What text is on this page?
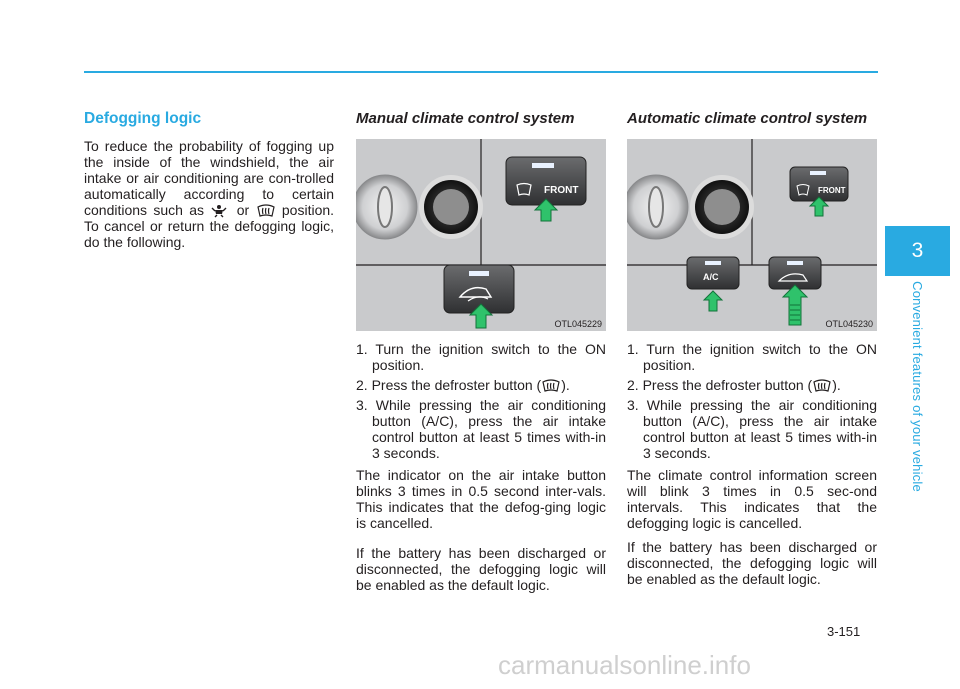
3
Convenient features of your vehicle
Defogging logic

To reduce the probability of fogging up the inside of the windshield, the air intake or air conditioning are con-trolled automatically according to certain conditions such as or position. To cancel or return the defogging logic, do the following.

Manual climate control system
FRONT
OTL045229
1. Turn the ignition switch to the ON position.
2. Press the defroster button ( ).
3. While pressing the air conditioning button (A/C), press the air intake control button at least 5 times with-in 3 seconds.

The indicator on the air intake button blinks 3 times in 0.5 second inter-vals. This indicates that the defog-ging logic is cancelled.

If the battery has been discharged or disconnected, the defogging logic will be enabled as the default logic.

Automatic climate control system
FRONT
A/C
OTL045230
1. Turn the ignition switch to the ON position.
2. Press the defroster button ( ).
3. While pressing the air conditioning button (A/C), press the air intake control button at least 5 times with-in 3 seconds.

The climate control information screen will blink 3 times in 0.5 sec-ond intervals. This indicates that the defogging logic is cancelled.

If the battery has been discharged or disconnected, the defogging logic will be enabled as the default logic.

3-151
carmanualsonline.info
